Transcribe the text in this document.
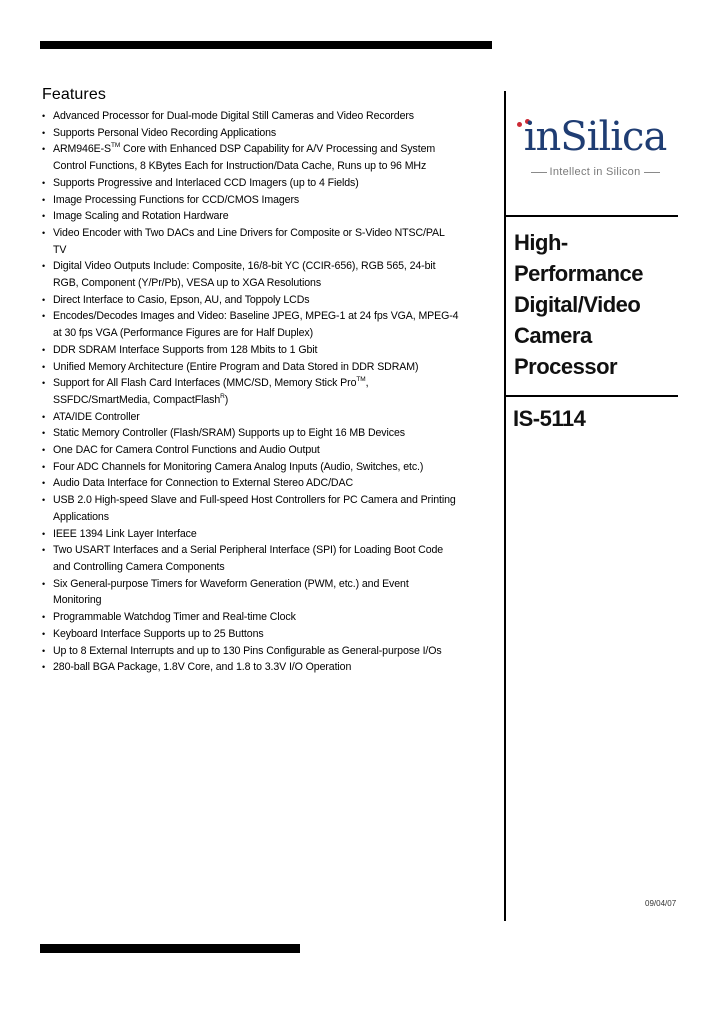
Features
• Advanced Processor for Dual-mode Digital Still Cameras and Video Recorders
• Supports Personal Video Recording Applications
• ARM946E-S™ Core with Enhanced DSP Capability for A/V Processing and System
Control Functions, 8 KBytes Each for Instruction/Data Cache, Runs up to 96 MHz
• Supports Progressive and Interlaced CCD Imagers (up to 4 Fields)
• Image Processing Functions for CCD/CMOS Imagers
• Image Scaling and Rotation Hardware
• Video Encoder with Two DACs and Line Drivers for Composite or S-Video NTSC/PAL
TV
• Digital Video Outputs Include: Composite, 16/8-bit YC (CCIR-656), RGB 565, 24-bit
RGB, Component (Y/Pr/Pb), VESA up to XGA Resolutions
• Direct Interface to Casio, Epson, AU, and Toppoly LCDs
• Encodes/Decodes Images and Video: Baseline JPEG, MPEG-1 at 24 fps VGA, MPEG-4
at 30 fps VGA (Performance Figures are for Half Duplex)
• DDR SDRAM Interface Supports from 128 Mbits to 1 Gbit
• Unified Memory Architecture (Entire Program and Data Stored in DDR SDRAM)
• Support for All Flash Card Interfaces (MMC/SD, Memory Stick Pro™,
SSFDC/SmartMedia, CompactFlash$^R$)
• ATA/IDE Controller
• Static Memory Controller (Flash/SRAM) Supports up to Eight 16 MB Devices
• One DAC for Camera Control Functions and Audio Output
• Four ADC Channels for Monitoring Camera Analog Inputs (Audio, Switches, etc.)
• Audio Data Interface for Connection to External Stereo ADC/DAC
• USB 2.0 High-speed Slave and Full-speed Host Controllers for PC Camera and Printing
Applications
• IEEE 1394 Link Layer Interface
• Two USART Interfaces and a Serial Peripheral Interface (SPI) for Loading Boot Code
and Controlling Camera Components
• Six General-purpose Timers for Waveform Generation (PWM, etc.) and Event
Monitoring
• Programmable Watchdog Timer and Real-time Clock
• Keyboard Interface Supports up to 25 Buttons
• Up to 8 External Interrupts and up to 130 Pins Configurable as General-purpose I/Os
• 280-ball BGA Package, 1.8V Core, and 1.8 to 3.3V I/O Operation
inSilica
Intellect in Silicon
High-
Performance
Digital/Video
Camera
Processor
IS-5114
09/04/07
